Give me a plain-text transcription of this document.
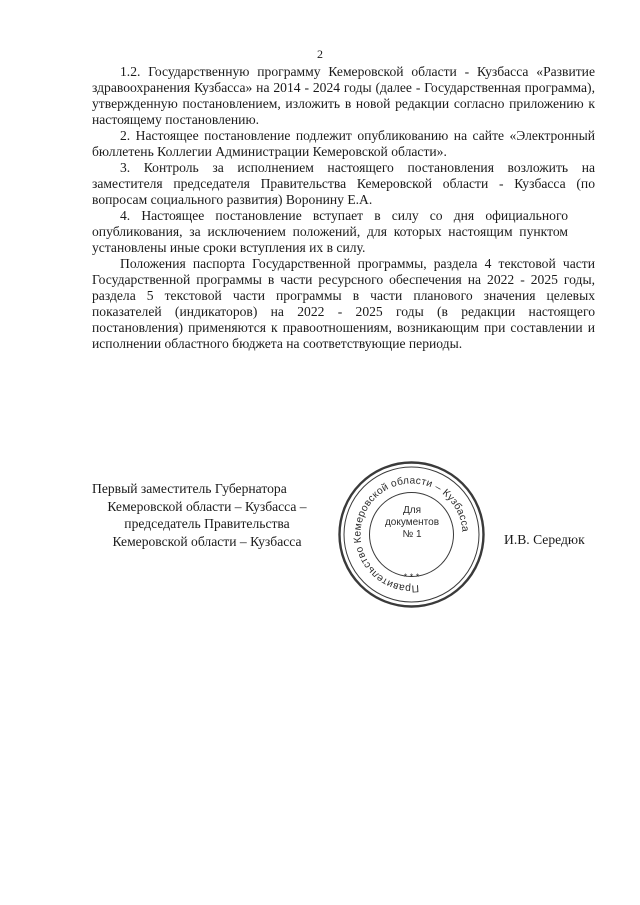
2

1.2. Государственную программу Кемеровской области - Кузбасса «Развитие здравоохранения Кузбасса» на 2014 - 2024 годы (далее - Государственная программа), утвержденную постановлением, изложить в новой редакции согласно приложению к настоящему постановлению.

2. Настоящее постановление подлежит опубликованию на сайте «Электронный бюллетень Коллегии Администрации Кемеровской области».

3. Контроль за исполнением настоящего постановления возложить на заместителя председателя Правительства Кемеровской области - Кузбасса (по вопросам социального развития) Воронину Е.А.

4. Настоящее постановление вступает в силу со дня официального опубликования, за исключением положений, для которых настоящим пунктом установлены иные сроки вступления их в силу.

Положения паспорта Государственной программы, раздела 4 текстовой части Государственной программы в части ресурсного обеспечения на 2022 - 2025 годы, раздела 5 текстовой части программы в части планового значения целевых показателей (индикаторов) на 2022 - 2025 годы (в редакции настоящего постановления) применяются к правоотношениям, возникающим при составлении и исполнении областного бюджета на соответствующие периоды.

Первый заместитель Губернатора
Кемеровской области – Кузбасса –
председатель Правительства
Кемеровской области – Кузбасса
Правительство Кемеровской области – Кузбасса
* * *
Для
документов
№ 1	И.В. Середюк
